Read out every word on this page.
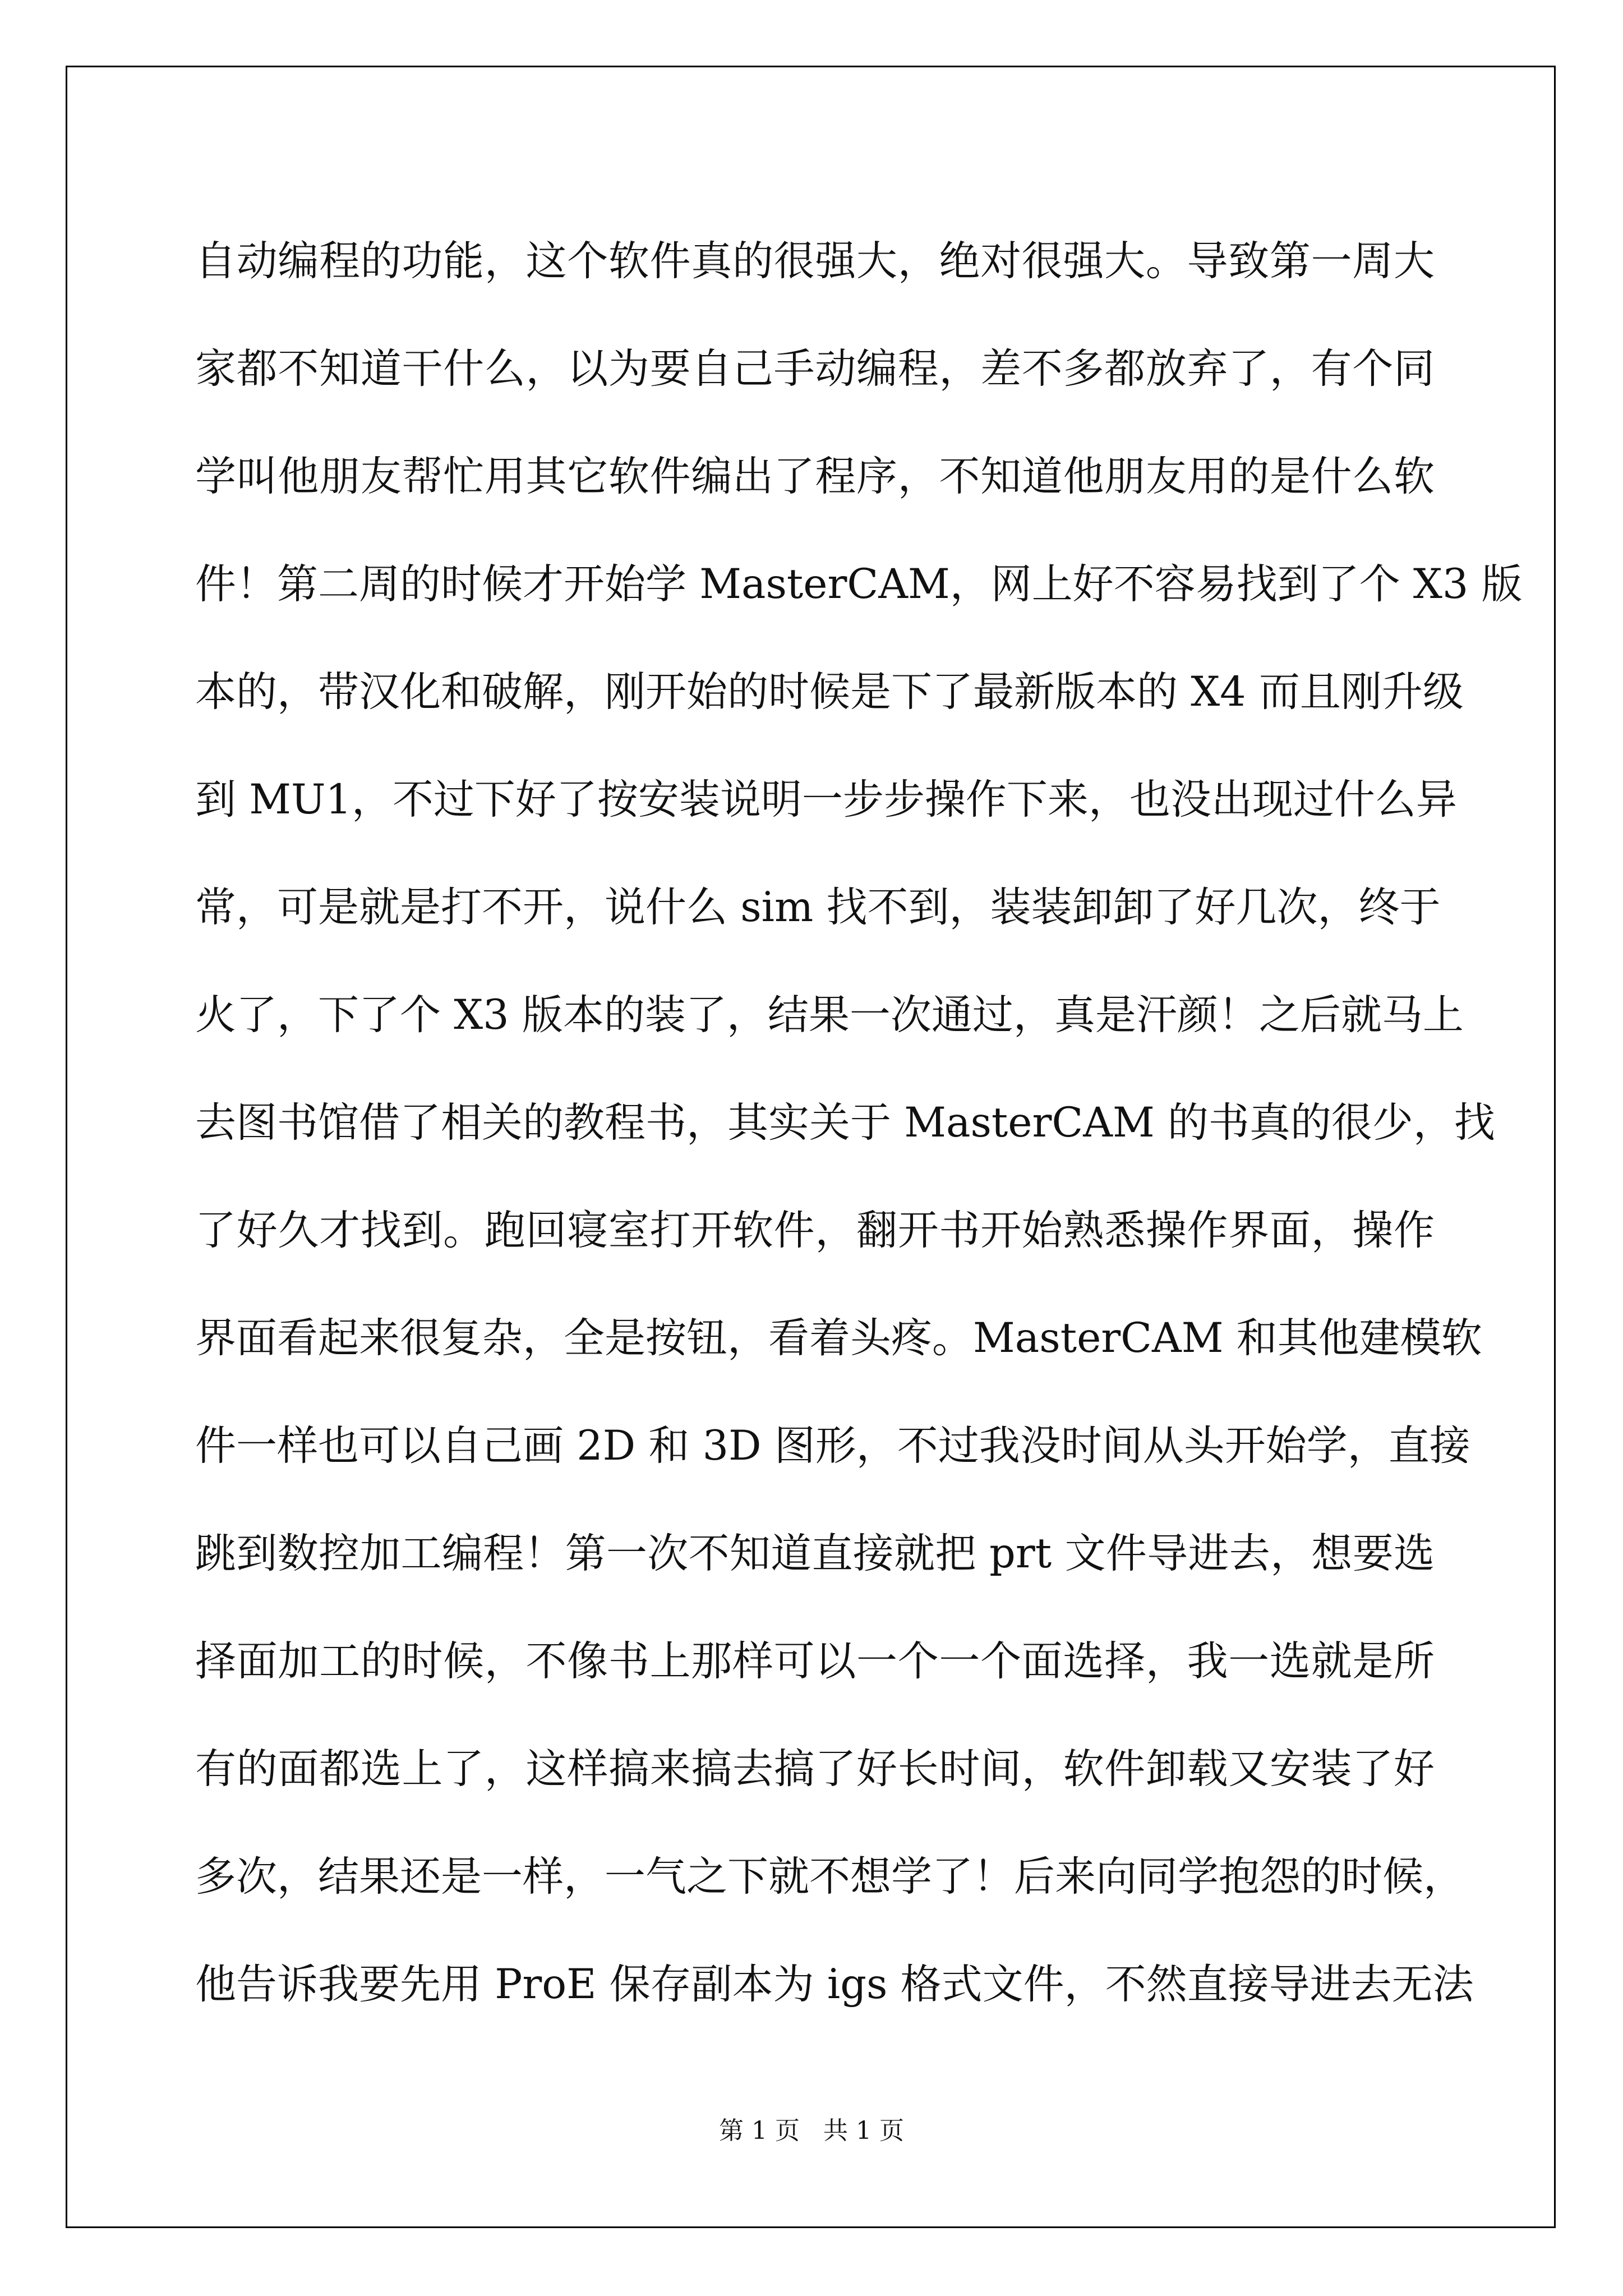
自动编程的功能，这个软件真的很强大，绝对很强大。导致第一周大
家都不知道干什么，以为要自己手动编程，差不多都放弃了，有个同
学叫他朋友帮忙用其它软件编出了程序，不知道他朋友用的是什么软
件！第二周的时候才开始学 MasterCAM，网上好不容易找到了个 X3 版
本的，带汉化和破解，刚开始的时候是下了最新版本的 X4 而且刚升级
到 MU1，不过下好了按安装说明一步步操作下来，也没出现过什么异
常，可是就是打不开，说什么 sim 找不到，装装卸卸了好几次，终于
火了，下了个 X3 版本的装了，结果一次通过，真是汗颜！之后就马上
去图书馆借了相关的教程书，其实关于 MasterCAM 的书真的很少，找
了好久才找到。跑回寝室打开软件，翻开书开始熟悉操作界面，操作
界面看起来很复杂，全是按钮，看着头疼。MasterCAM 和其他建模软
件一样也可以自己画 2D 和 3D 图形，不过我没时间从头开始学，直接
跳到数控加工编程！第一次不知道直接就把 prt 文件导进去，想要选
择面加工的时候，不像书上那样可以一个一个面选择，我一选就是所
有的面都选上了，这样搞来搞去搞了好长时间，软件卸载又安装了好
多次，结果还是一样，一气之下就不想学了！后来向同学抱怨的时候，
他告诉我要先用 ProE 保存副本为 igs 格式文件，不然直接导进去无法
第 1 页   共 1 页
